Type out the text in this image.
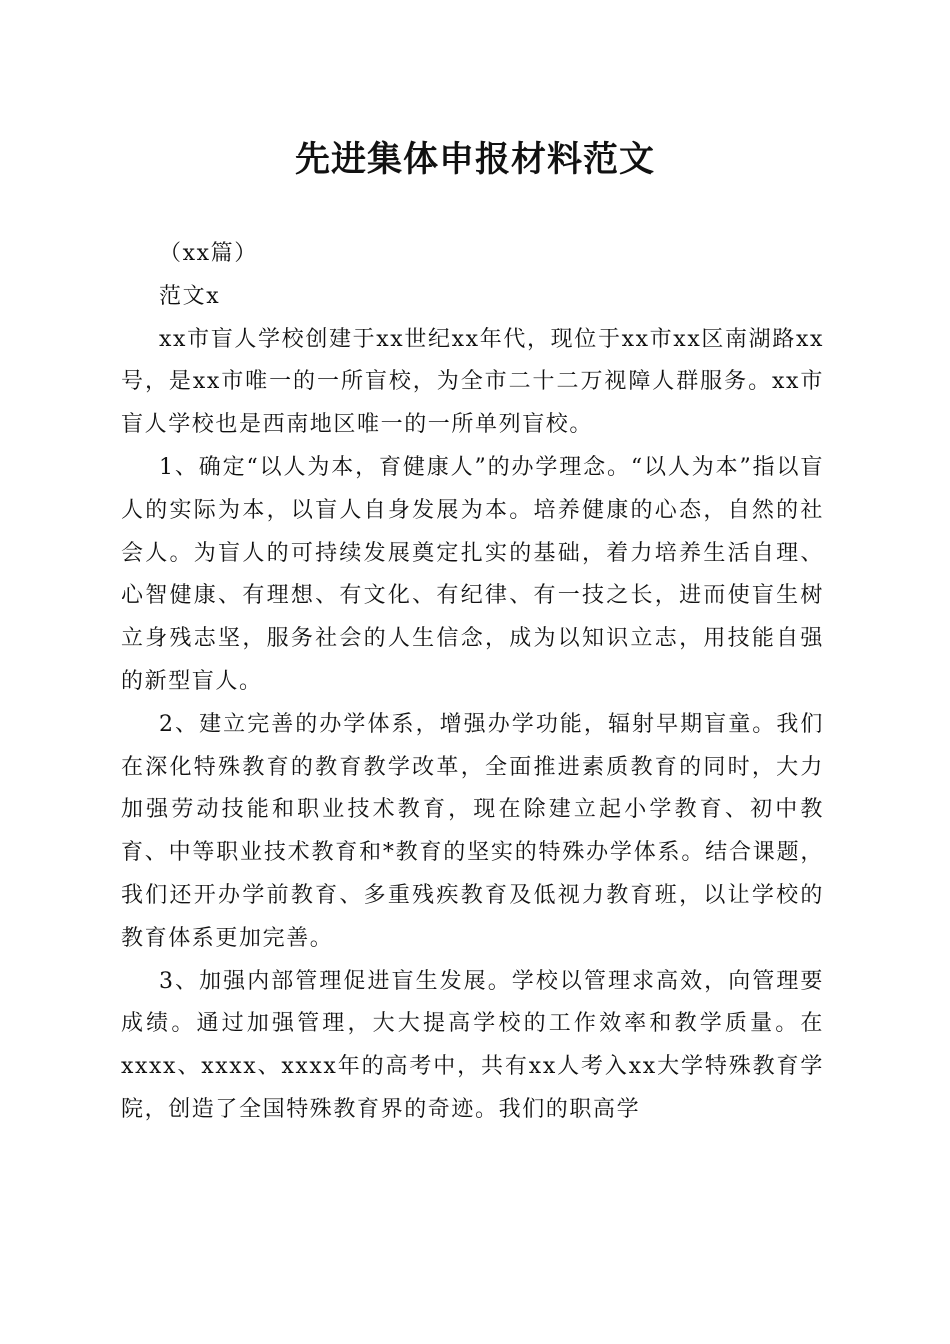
先进集体申报材料范文

（xx篇）

范文x

xx市盲人学校创建于xx世纪xx年代，现位于xx市xx区南湖路xx号，是xx市唯一的一所盲校，为全市二十二万视障人群服务。xx市盲人学校也是西南地区唯一的一所单列盲校。

1、确定“以人为本，育健康人”的办学理念。“以人为本”指以盲人的实际为本，以盲人自身发展为本。培养健康的心态，自然的社会人。为盲人的可持续发展奠定扎实的基础，着力培养生活自理、心智健康、有理想、有文化、有纪律、有一技之长，进而使盲生树立身残志坚，服务社会的人生信念，成为以知识立志，用技能自强的新型盲人。

2、建立完善的办学体系，增强办学功能，辐射早期盲童。我们在深化特殊教育的教育教学改革，全面推进素质教育的同时，大力加强劳动技能和职业技术教育，现在除建立起小学教育、初中教育、中等职业技术教育和*教育的坚实的特殊办学体系。结合课题，我们还开办学前教育、多重残疾教育及低视力教育班，以让学校的教育体系更加完善。

3、加强内部管理促进盲生发展。学校以管理求高效，向管理要成绩。通过加强管理，大大提高学校的工作效率和教学质量。在xxxx、xxxx、xxxx年的高考中，共有xx人考入xx大学特殊教育学院，创造了全国特殊教育界的奇迹。我们的职高学
